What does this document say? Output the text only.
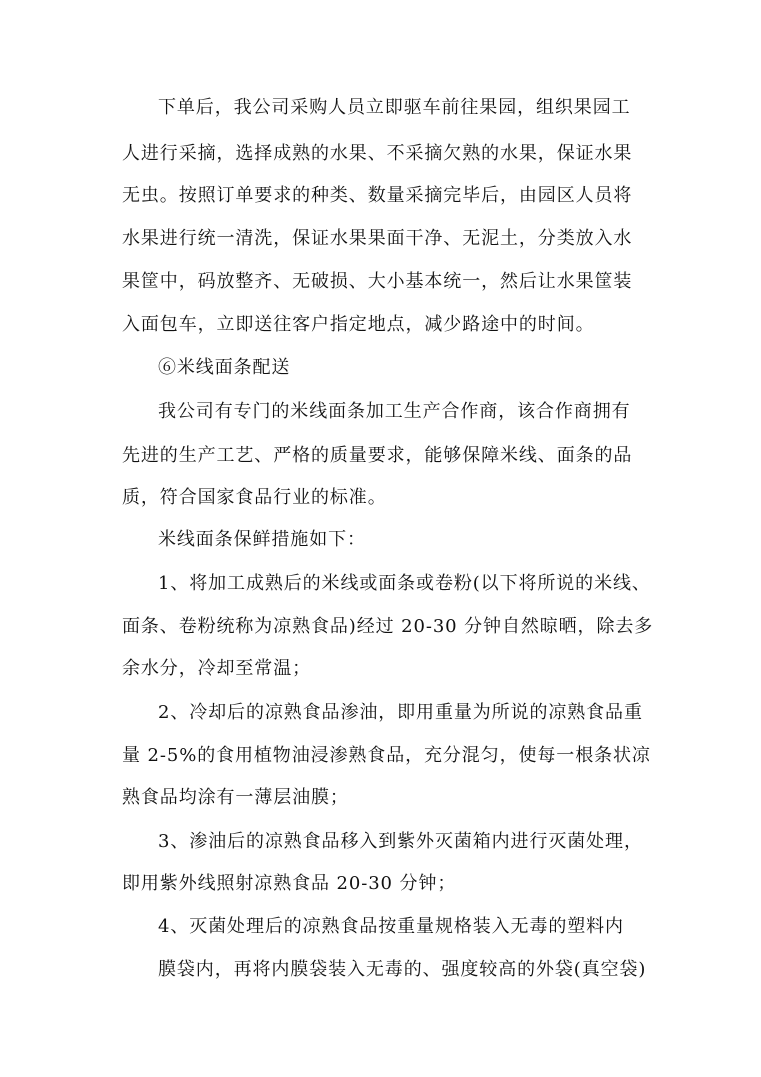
下单后，我公司采购人员立即驱车前往果园，组织果园工
人进行采摘，选择成熟的水果、不采摘欠熟的水果，保证水果
无虫。按照订单要求的种类、数量采摘完毕后，由园区人员将
水果进行统一清洗，保证水果果面干净、无泥土，分类放入水
果筐中，码放整齐、无破损、大小基本统一，然后让水果筐装
入面包车，立即送往客户指定地点，减少路途中的时间。
⑥米线面条配送
我公司有专门的米线面条加工生产合作商，该合作商拥有
先进的生产工艺、严格的质量要求，能够保障米线、面条的品
质，符合国家食品行业的标准。
米线面条保鲜措施如下：
1、将加工成熟后的米线或面条或卷粉(以下将所说的米线、
面条、卷粉统称为凉熟食品)经过 20-30 分钟自然晾晒，除去多
余水分，冷却至常温；
2、冷却后的凉熟食品渗油，即用重量为所说的凉熟食品重
量 2-5%的食用植物油浸渗熟食品，充分混匀，使每一根条状凉
熟食品均涂有一薄层油膜；
3、渗油后的凉熟食品移入到紫外灭菌箱内进行灭菌处理，
即用紫外线照射凉熟食品 20-30 分钟；
4、灭菌处理后的凉熟食品按重量规格装入无毒的塑料内
膜袋内，再将内膜袋装入无毒的、强度较高的外袋(真空袋)
